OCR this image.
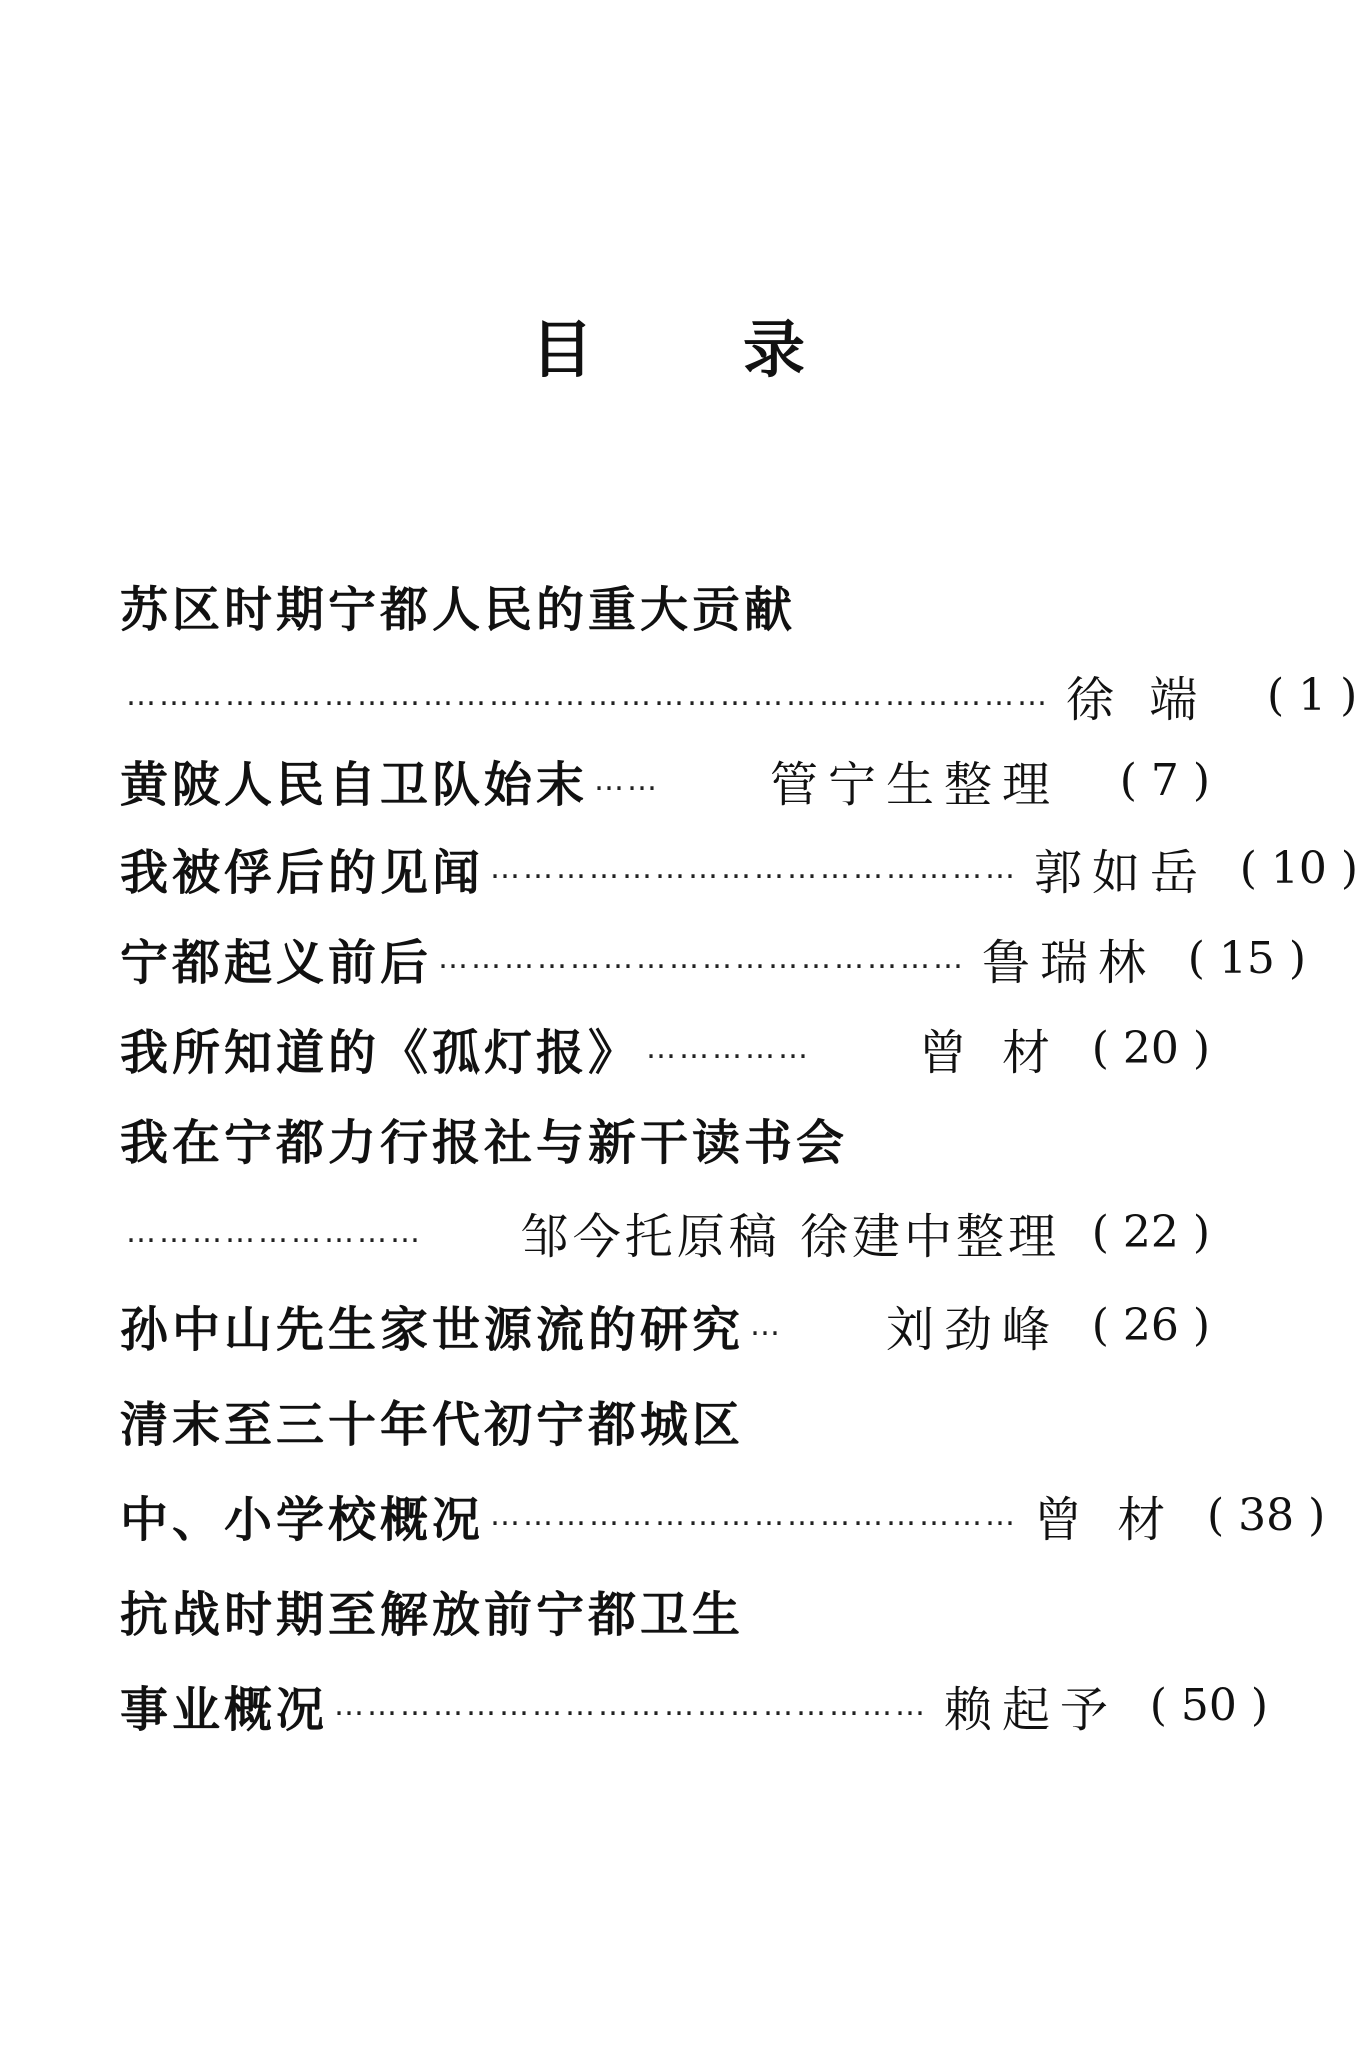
目 录
苏区时期宁都人民的重大贡献
………………………………………………………………………… 徐 端	( 1 )
黄陂人民自卫队始末 ……	管宁生整理	( 7 )
我被俘后的见闻 ………………………………………… 郭如岳 ( 10 )
宁都起义前后 ………………………………………… 鲁瑞林 ( 15 )
我所知道的《孤灯报》 ……………	曾 材 ( 20 )
我在宁都力行报社与新干读书会
………………………	邹今托原稿 徐建中整理 ( 22 )
孙中山先生家世源流的研究 …	刘劲峰 ( 26 )
清末至三十年代初宁都城区
中、小学校概况 ………………………………………… 曾 材 ( 38 )
抗战时期至解放前宁都卫生
事业概况 ……………………………………………… 赖起予 ( 50 )
